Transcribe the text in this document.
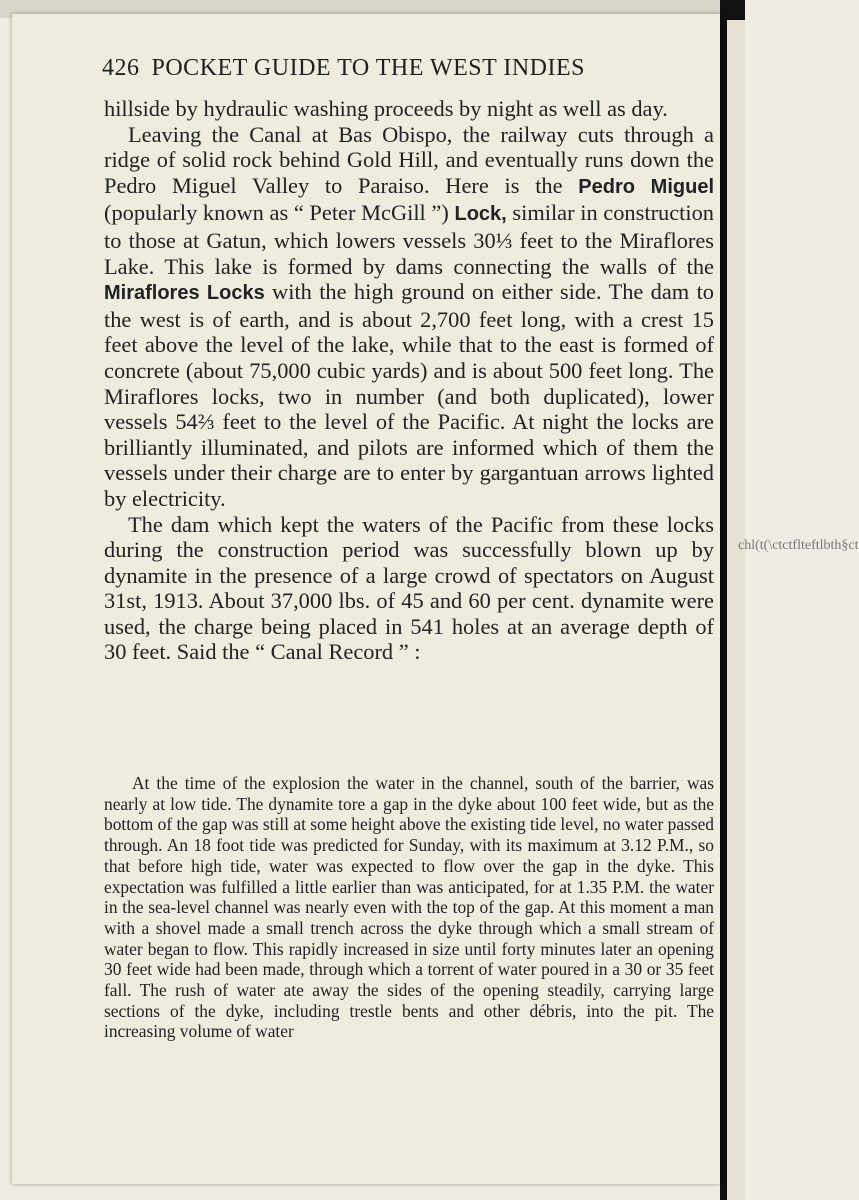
chl(t(\ctctflteftlbth§ct
426 POCKET GUIDE TO THE WEST INDIES

hillside by hydraulic washing proceeds by night as well as day.

Leaving the Canal at Bas Obispo, the railway cuts through a ridge of solid rock behind Gold Hill, and eventually runs down the Pedro Miguel Valley to Paraiso. Here is the Pedro Miguel (popularly known as “ Peter McGill ”) Lock, similar in construction to those at Gatun, which lowers vessels 30⅓ feet to the Miraflores Lake. This lake is formed by dams connecting the walls of the Miraflores Locks with the high ground on either side. The dam to the west is of earth, and is about 2,700 feet long, with a crest 15 feet above the level of the lake, while that to the east is formed of concrete (about 75,000 cubic yards) and is about 500 feet long. The Miraflores locks, two in number (and both duplicated), lower vessels 54⅔ feet to the level of the Pacific. At night the locks are brilliantly illuminated, and pilots are informed which of them the vessels under their charge are to enter by gargantuan arrows lighted by electricity.

The dam which kept the waters of the Pacific from these locks during the construction period was successfully blown up by dynamite in the presence of a large crowd of spectators on August 31st, 1913. About 37,000 lbs. of 45 and 60 per cent. dynamite were used, the charge being placed in 541 holes at an average depth of 30 feet. Said the “ Canal Record ” :

At the time of the explosion the water in the channel, south of the barrier, was nearly at low tide. The dynamite tore a gap in the dyke about 100 feet wide, but as the bottom of the gap was still at some height above the existing tide level, no water passed through. An 18 foot tide was predicted for Sunday, with its maximum at 3.12 P.M., so that before high tide, water was expected to flow over the gap in the dyke. This expectation was fulfilled a little earlier than was anticipated, for at 1.35 P.M. the water in the sea-level channel was nearly even with the top of the gap. At this moment a man with a shovel made a small trench across the dyke through which a small stream of water began to flow. This rapidly increased in size until forty minutes later an opening 30 feet wide had been made, through which a torrent of water poured in a 30 or 35 feet fall. The rush of water ate away the sides of the opening steadily, carrying large sections of the dyke, including trestle bents and other débris, into the pit. The increasing volume of water
